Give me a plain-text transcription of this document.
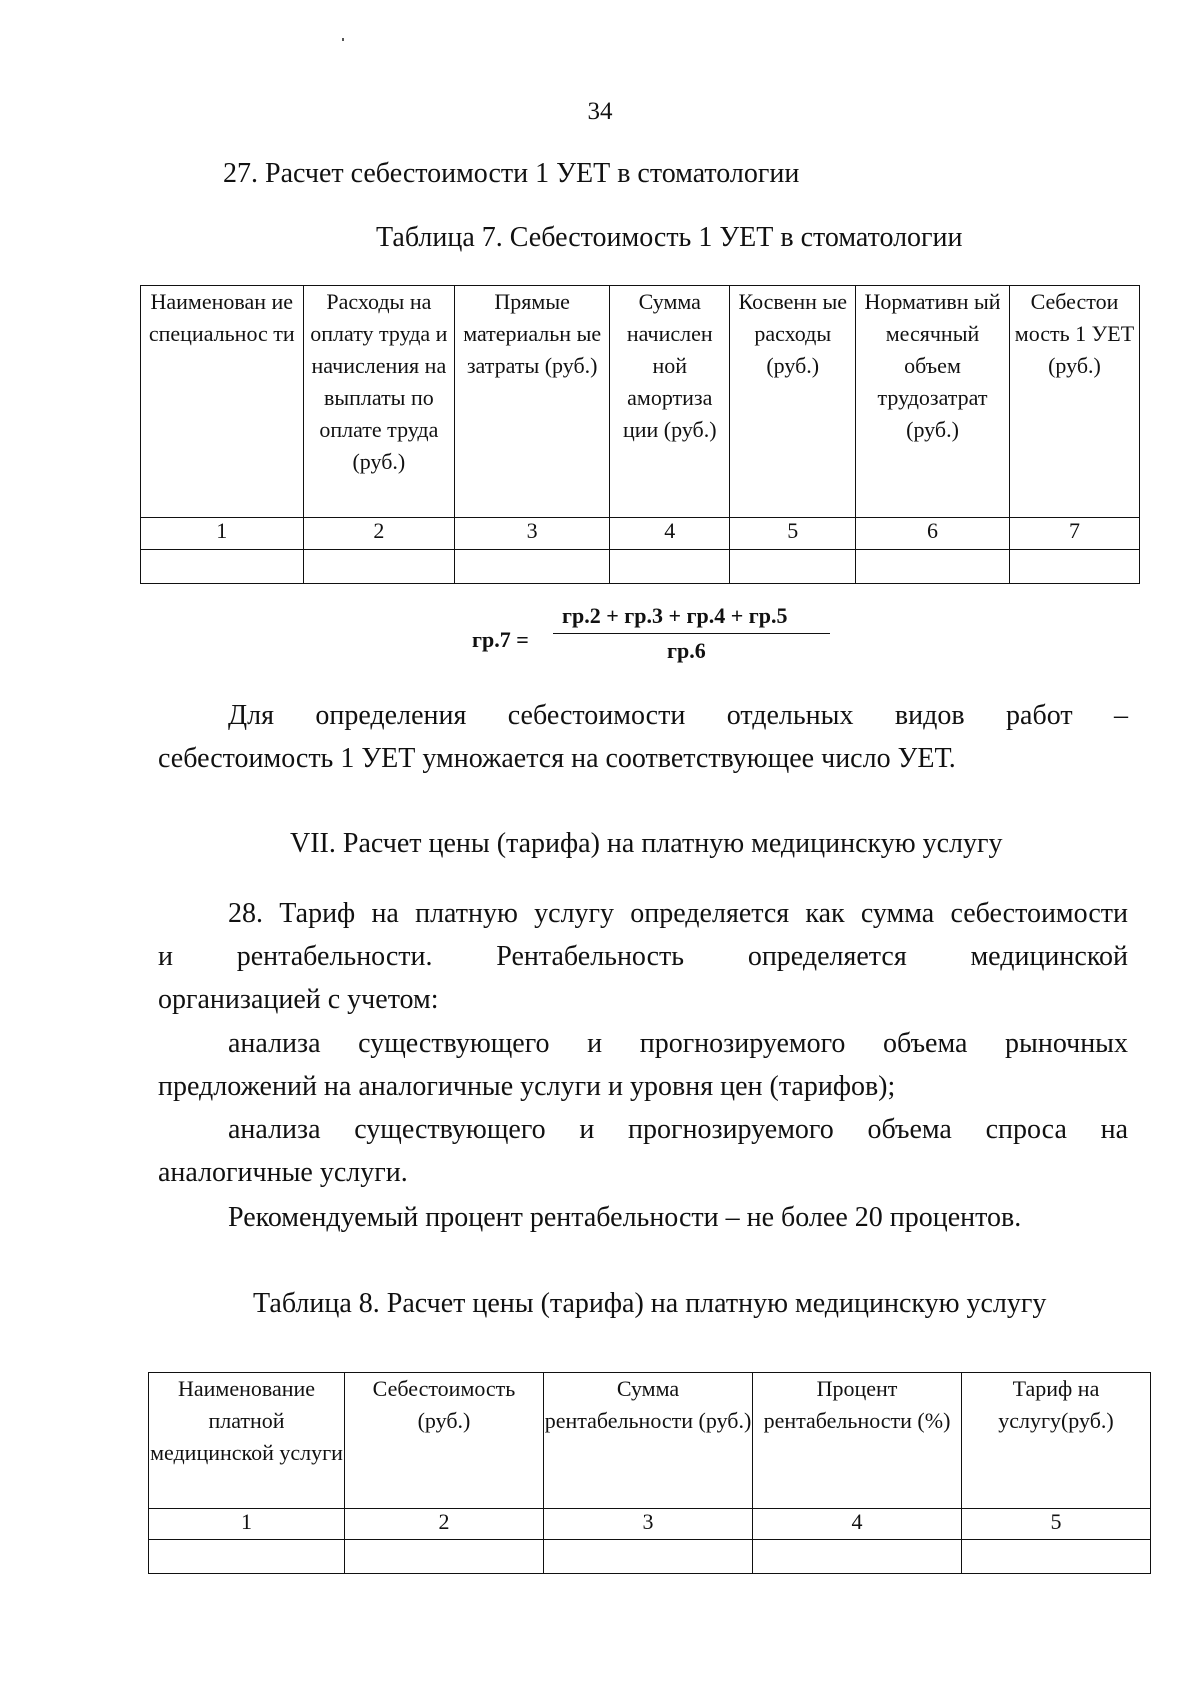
34
27. Расчет себестоимости 1 УЕТ в стоматологии
Таблица 7. Себестоимость 1 УЕТ в стоматологии
Наименован ие специальнос ти	Расходы на оплату труда и начисления на выплаты по оплате труда (руб.)	Прямые материальн ые затраты (руб.)	Сумма начислен ной амортиза ции (руб.)	Косвенн ые расходы (руб.)	Нормативн ый месячный объем трудозатрат (руб.)	Себестои мость 1 УЕТ (руб.)
1	2	3	4	5	6	7

гр.7 =
гр.2 + гр.3 + гр.4 + гр.5
гр.6
Для определения себестоимости отдельных видов работ –
себестоимость 1 УЕТ умножается на соответствующее число УЕТ.
VII. Расчет цены (тарифа) на платную медицинскую услугу
28. Тариф на платную услугу определяется как сумма себестоимости
и рентабельности. Рентабельность определяется медицинской
организацией с учетом:
анализа существующего и прогнозируемого объема рыночных
предложений на аналогичные услуги и уровня цен (тарифов);
анализа существующего и прогнозируемого объема спроса на
аналогичные услуги.
Рекомендуемый процент рентабельности – не более 20 процентов.
Таблица 8. Расчет цены (тарифа) на платную медицинскую услугу
Наименование платной медицинской услуги	Себестоимость (руб.)	Сумма рентабельности (руб.)	Процент рентабельности (%)	Тариф на услугу(руб.)
1	2	3	4	5
